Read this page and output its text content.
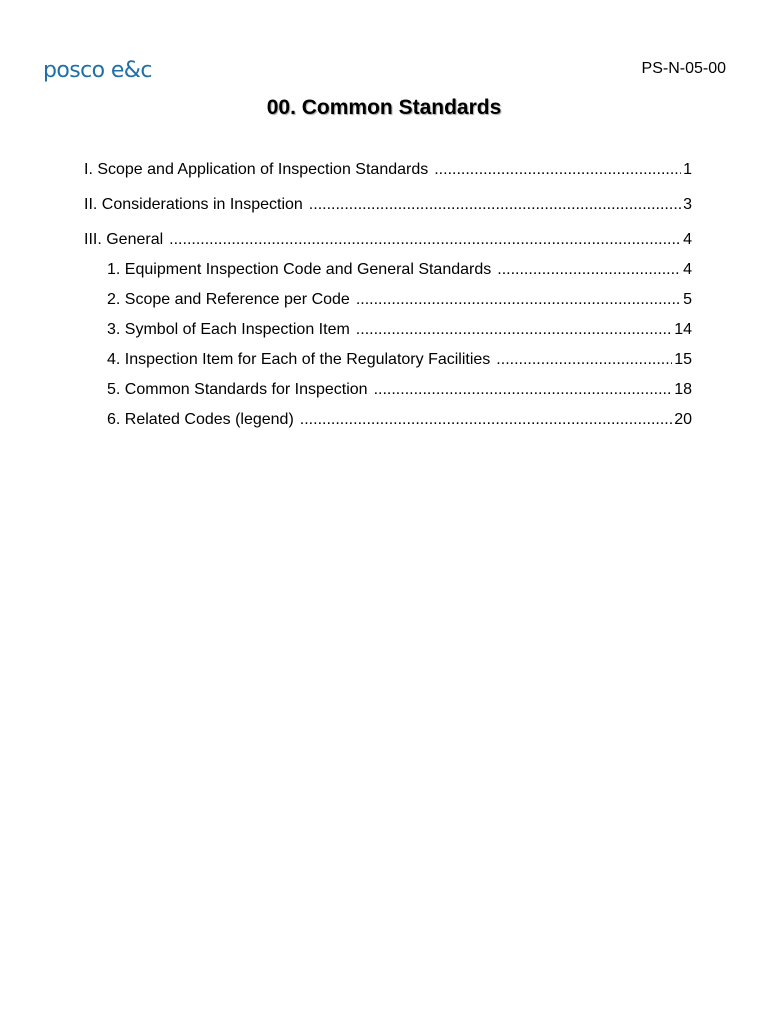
posco e&c	PS-N-05-00
00. Common Standards
I. Scope and Application of Inspection Standards .....	1
II. Considerations in Inspection .....	3
III. General .....	4
1. Equipment Inspection Code and General Standards .....	4
2. Scope and Reference per Code .....	5
3. Symbol of Each Inspection Item .....	14
4. Inspection Item for Each of the Regulatory Facilities .....	15
5. Common Standards for Inspection .....	18
6. Related Codes (legend) .....	20
